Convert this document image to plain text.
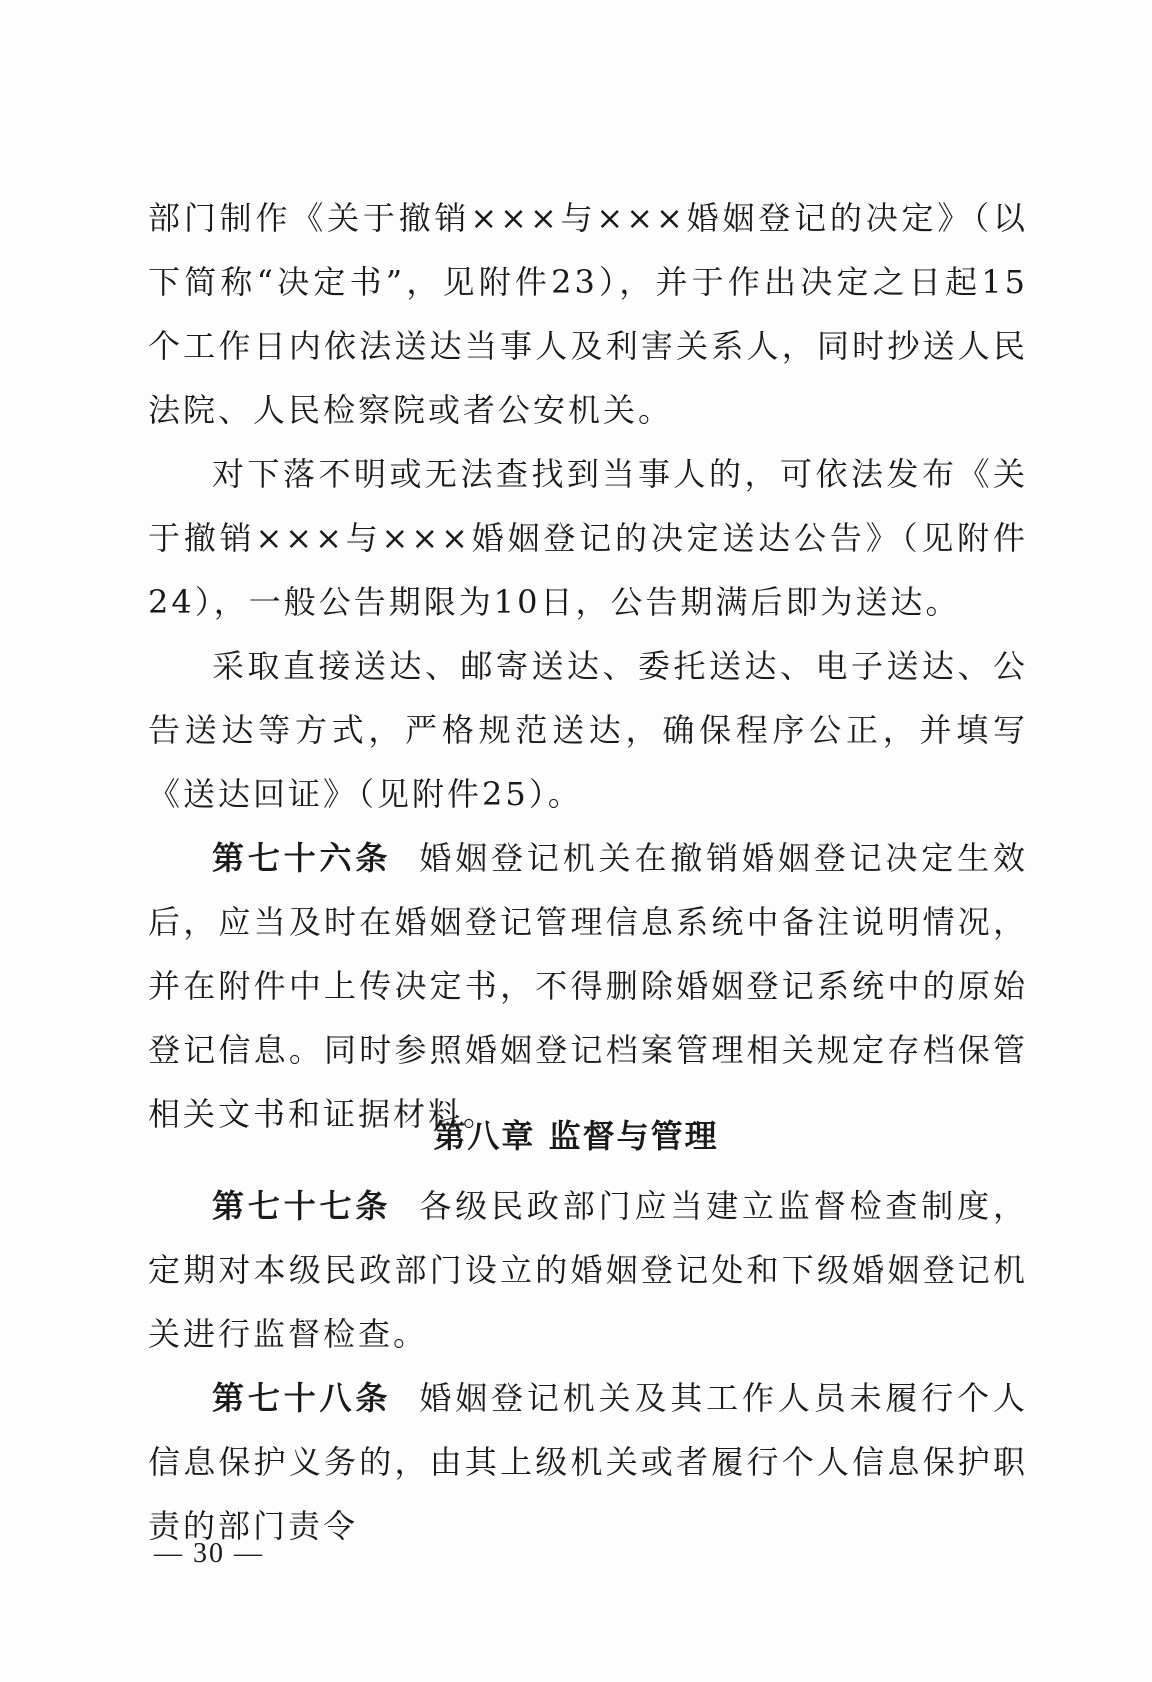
部门制作《关于撤销×××与×××婚姻登记的决定》（以下简称“决定书”，见附件23），并于作出决定之日起15个工作日内依法送达当事人及利害关系人，同时抄送人民法院、人民检察院或者公安机关。

对下落不明或无法查找到当事人的，可依法发布《关于撤销×××与×××婚姻登记的决定送达公告》（见附件24），一般公告期限为10日，公告期满后即为送达。

采取直接送达、邮寄送达、委托送达、电子送达、公告送达等方式，严格规范送达，确保程序公正，并填写《送达回证》（见附件25）。

第七十六条 婚姻登记机关在撤销婚姻登记决定生效后，应当及时在婚姻登记管理信息系统中备注说明情况，并在附件中上传决定书，不得删除婚姻登记系统中的原始登记信息。同时参照婚姻登记档案管理相关规定存档保管相关文书和证据材料。

第八章 监督与管理

第七十七条 各级民政部门应当建立监督检查制度，定期对本级民政部门设立的婚姻登记处和下级婚姻登记机关进行监督检查。

第七十八条 婚姻登记机关及其工作人员未履行个人信息保护义务的，由其上级机关或者履行个人信息保护职责的部门责令

— 30 —
